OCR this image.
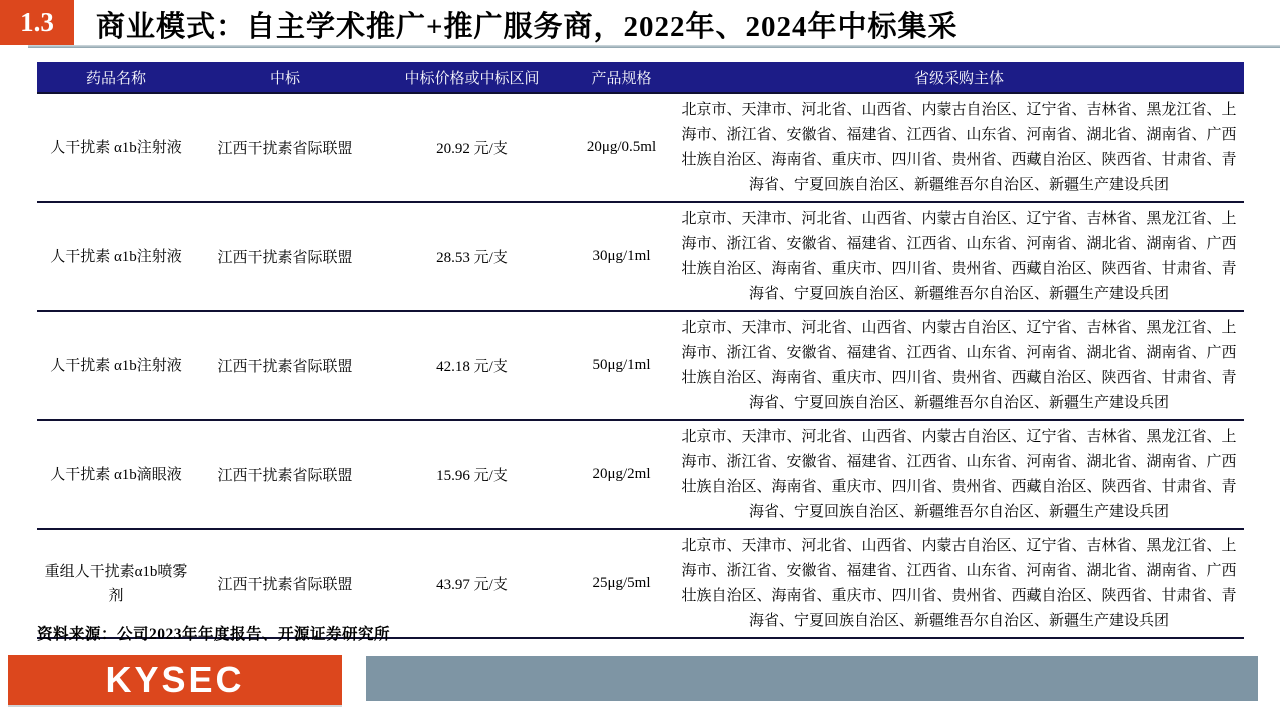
1.3 商业模式：自主学术推广+推广服务商，2022年、2024年中标集采
药品名称	中标	中标价格或中标区间	产品规格	省级采购主体
人干扰素 α1b注射液	江西干扰素省际联盟	20.92 元/支	20μg/0.5ml	北京市、天津市、河北省、山西省、内蒙古自治区、辽宁省、吉林省、黑龙江省、上海市、浙江省、安徽省、福建省、江西省、山东省、河南省、湖北省、湖南省、广西壮族自治区、海南省、重庆市、四川省、贵州省、西藏自治区、陕西省、甘肃省、青海省、宁夏回族自治区、新疆维吾尔自治区、新疆生产建设兵团
人干扰素 α1b注射液	江西干扰素省际联盟	28.53 元/支	30μg/1ml	北京市、天津市、河北省、山西省、内蒙古自治区、辽宁省、吉林省、黑龙江省、上海市、浙江省、安徽省、福建省、江西省、山东省、河南省、湖北省、湖南省、广西壮族自治区、海南省、重庆市、四川省、贵州省、西藏自治区、陕西省、甘肃省、青海省、宁夏回族自治区、新疆维吾尔自治区、新疆生产建设兵团
人干扰素 α1b注射液	江西干扰素省际联盟	42.18 元/支	50μg/1ml	北京市、天津市、河北省、山西省、内蒙古自治区、辽宁省、吉林省、黑龙江省、上海市、浙江省、安徽省、福建省、江西省、山东省、河南省、湖北省、湖南省、广西壮族自治区、海南省、重庆市、四川省、贵州省、西藏自治区、陕西省、甘肃省、青海省、宁夏回族自治区、新疆维吾尔自治区、新疆生产建设兵团
人干扰素 α1b滴眼液	江西干扰素省际联盟	15.96 元/支	20μg/2ml	北京市、天津市、河北省、山西省、内蒙古自治区、辽宁省、吉林省、黑龙江省、上海市、浙江省、安徽省、福建省、江西省、山东省、河南省、湖北省、湖南省、广西壮族自治区、海南省、重庆市、四川省、贵州省、西藏自治区、陕西省、甘肃省、青海省、宁夏回族自治区、新疆维吾尔自治区、新疆生产建设兵团
重组人干扰素α1b喷雾剂	江西干扰素省际联盟	43.97 元/支	25μg/5ml	北京市、天津市、河北省、山西省、内蒙古自治区、辽宁省、吉林省、黑龙江省、上海市、浙江省、安徽省、福建省、江西省、山东省、河南省、湖北省、湖南省、广西壮族自治区、海南省、重庆市、四川省、贵州省、西藏自治区、陕西省、甘肃省、青海省、宁夏回族自治区、新疆维吾尔自治区、新疆生产建设兵团

资料来源：公司2023年年度报告、开源证券研究所

KYSEC
